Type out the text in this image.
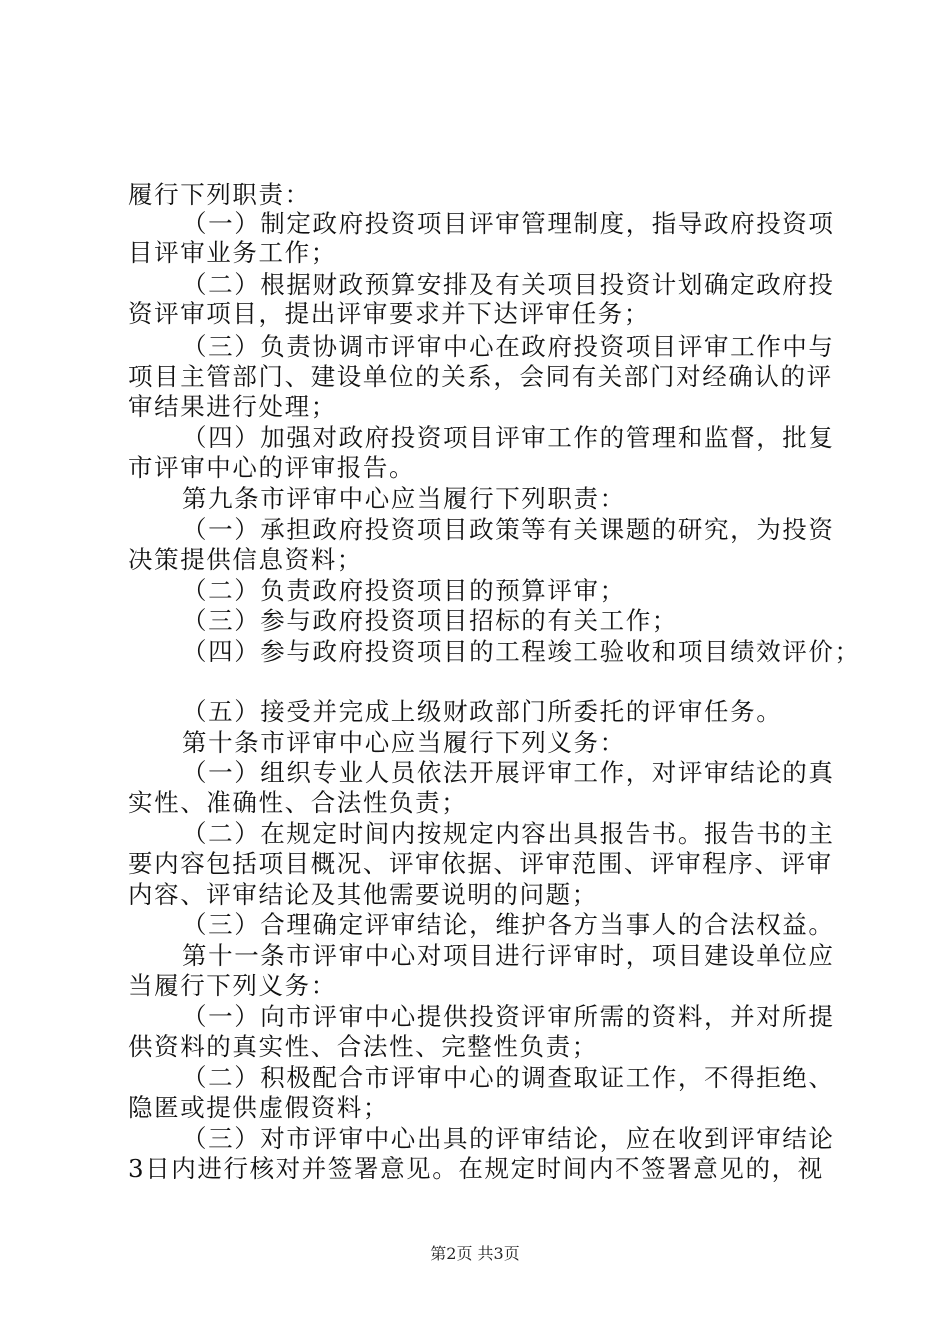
履行下列职责：
（一）制定政府投资项目评审管理制度，指导政府投资项
目评审业务工作；
（二）根据财政预算安排及有关项目投资计划确定政府投
资评审项目，提出评审要求并下达评审任务；
（三）负责协调市评审中心在政府投资项目评审工作中与
项目主管部门、建设单位的关系，会同有关部门对经确认的评
审结果进行处理；
（四）加强对政府投资项目评审工作的管理和监督，批复
市评审中心的评审报告。
第九条市评审中心应当履行下列职责：
（一）承担政府投资项目政策等有关课题的研究，为投资
决策提供信息资料；
（二）负责政府投资项目的预算评审；
（三）参与政府投资项目招标的有关工作；
（四）参与政府投资项目的工程竣工验收和项目绩效评价；
（五）接受并完成上级财政部门所委托的评审任务。
第十条市评审中心应当履行下列义务：
（一）组织专业人员依法开展评审工作，对评审结论的真
实性、准确性、合法性负责；
（二）在规定时间内按规定内容出具报告书。报告书的主
要内容包括项目概况、评审依据、评审范围、评审程序、评审
内容、评审结论及其他需要说明的问题；
（三）合理确定评审结论，维护各方当事人的合法权益。
第十一条市评审中心对项目进行评审时，项目建设单位应
当履行下列义务：
（一）向市评审中心提供投资评审所需的资料，并对所提
供资料的真实性、合法性、完整性负责；
（二）积极配合市评审中心的调查取证工作，不得拒绝、
隐匿或提供虚假资料；
（三）对市评审中心出具的评审结论，应在收到评审结论
3日内进行核对并签署意见。在规定时间内不签署意见的，视
第2页 共3页
